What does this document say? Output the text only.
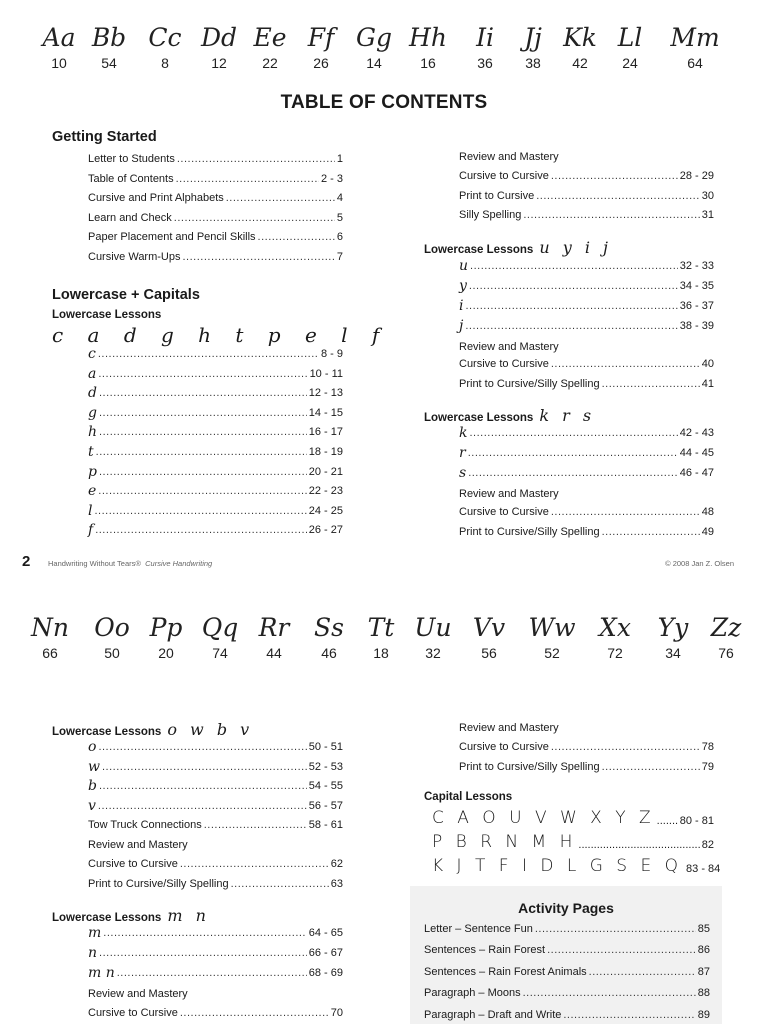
Aa
10
Bb
54
Cc
8
Dd
12
Ee
22
Ff
26
Gg
14
Hh
16
Ii
36
Jj
38
Kk
42
Ll
24
Mm
64
Nn
66
Oo
50
Pp
20
Qq
74
Rr
44
Ss
46
Tt
18
Uu
32
Vv
56
Ww
52
Xx
72
Yy
34
Zz
76
TABLE OF CONTENTS
Getting Started
Letter to Students .....	1
Table of Contents .....	2 - 3
Cursive and Print Alphabets .....	4
Learn and Check .....	5
Paper Placement and Pencil Skills .....	6
Cursive Warm-Ups .....	7
Lowercase + Capitals
Lowercase Lessons
c a d g h t p e l f
c .....	8 - 9
a .....	10 - 11
d .....	12 - 13
g .....	14 - 15
h .....	16 - 17
t .....	18 - 19
p .....	20 - 21
e .....	22 - 23
l .....	24 - 25
f .....	26 - 27
Review and Mastery
Cursive to Cursive .....	28 - 29
Print to Cursive .....	30
Silly Spelling .....	31
Lowercase Lessons u y i j
u .....	32 - 33
y .....	34 - 35
i .....	36 - 37
j .....	38 - 39
Review and Mastery
Cursive to Cursive .....	40
Print to Cursive/Silly Spelling .....	41
Lowercase Lessons k r s
k .....	42 - 43
r .....	44 - 45
s .....	46 - 47
Review and Mastery
Cursive to Cursive .....	48
Print to Cursive/Silly Spelling .....	49
2 Handwriting Without Tears® Cursive Handwriting	© 2008 Jan Z. Olsen
Lowercase Lessons o w b v
o .....	50 - 51
w .....	52 - 53
b .....	54 - 55
v .....	56 - 57
Tow Truck Connections .....	58 - 61
Review and Mastery
Cursive to Cursive .....	62
Print to Cursive/Silly Spelling .....	63
Lowercase Lessons m n
m .....	64 - 65
n .....	66 - 67
m n .....	68 - 69
Review and Mastery
Cursive to Cursive .....	70
Review and Mastery
Cursive to Cursive .....	78
Print to Cursive/Silly Spelling .....	79
Capital Lessons
C A O U V W X Y Z ..... 80 - 81
P B R N M H .....	82
K J T F I D L G S E Q 83 - 84
Activity Pages
Letter – Sentence Fun .....	85
Sentences – Rain Forest .....	86
Sentences – Rain Forest Animals .....	87
Paragraph – Moons .....	88
Paragraph – Draft and Write .....	89
